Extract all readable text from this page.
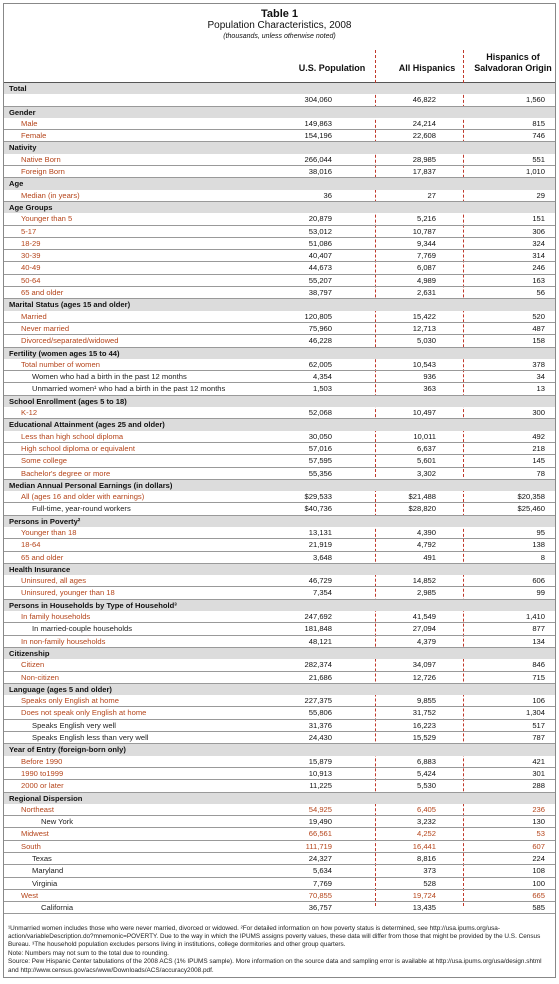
Table 1
Population Characteristics, 2008
(thousands, unless otherwise noted)
U.S. Population	All Hispanics
Hispanics of
Salvadoran Origin
Total
304,060	46,822	1,560
Gender
Male	149,863	24,214	815
Female	154,196	22,608	746
Nativity
Native Born	266,044	28,985	551
Foreign Born	38,016	17,837	1,010
Age
Median (in years)	36	27	29
Age Groups
Younger than 5	20,879	5,216	151
5-17	53,012	10,787	306
18-29	51,086	9,344	324
30-39	40,407	7,769	314
40-49	44,673	6,087	246
50-64	55,207	4,989	163
65 and older	38,797	2,631	56
Marital Status (ages 15 and older)
Married	120,805	15,422	520
Never married	75,960	12,713	487
Divorced/separated/widowed	46,228	5,030	158
Fertility (women ages 15 to 44)
Total number of women	62,005	10,543	378
Women who had a birth in the past 12 months	4,354	936	34
Unmarried women¹ who had a birth in the past 12 months	1,503	363	13
School Enrollment (ages 5 to 18)
K-12	52,068	10,497	300
Educational Attainment (ages 25 and older)
Less than high school diploma	30,050	10,011	492
High school diploma or equivalent	57,016	6,637	218
Some college	57,595	5,601	145
Bachelor's degree or more	55,356	3,302	78
Median Annual Personal Earnings (in dollars)
All (ages 16 and older with earnings)	$29,533	$21,488	$20,358
Full-time, year-round workers	$40,736	$28,820	$25,460
Persons in Poverty²
Younger than 18	13,131	4,390	95
18-64	21,919	4,792	138
65 and older	3,648	491	8
Health Insurance
Uninsured, all ages	46,729	14,852	606
Uninsured, younger than 18	7,354	2,985	99
Persons in Households by Type of Household³
In family households	247,692	41,549	1,410
In married-couple households	181,848	27,094	877
In non-family households	48,121	4,379	134
Citizenship
Citizen	282,374	34,097	846
Non-citizen	21,686	12,726	715
Language (ages 5 and older)
Speaks only English at home	227,375	9,855	106
Does not speak only English at home	55,806	31,752	1,304
Speaks English very well	31,376	16,223	517
Speaks English less than very well	24,430	15,529	787
Year of Entry (foreign-born only)
Before 1990	15,879	6,883	421
1990 to1999	10,913	5,424	301
2000 or later	11,225	5,530	288
Regional Dispersion
Northeast	54,925	6,405	236
New York	19,490	3,232	130
Midwest	66,561	4,252	53
South	111,719	16,441	607
Texas	24,327	8,816	224
Maryland	5,634	373	108
Virginia	7,769	528	100
West	70,855	19,724	665
California	36,757	13,435	585
¹Unmarried women includes those who were never married, divorced or widowed. ²For detailed information on how poverty status is determined, see http://usa.ipums.org/usa-action/variableDescription.do?mnemonic=POVERTY. Due to the way in which the IPUMS assigns poverty values, these data will differ from those that might be provided by the U.S. Census Bureau. ³The household population excludes persons living in institutions, college dormitories and other group quarters.
Note: Numbers may not sum to the total due to rounding.
Source: Pew Hispanic Center tabulations of the 2008 ACS (1% IPUMS sample). More information on the source data and sampling error is available at http://usa.ipums.org/usa/design.shtml and http://www.census.gov/acs/www/Downloads/ACS/accuracy2008.pdf.
